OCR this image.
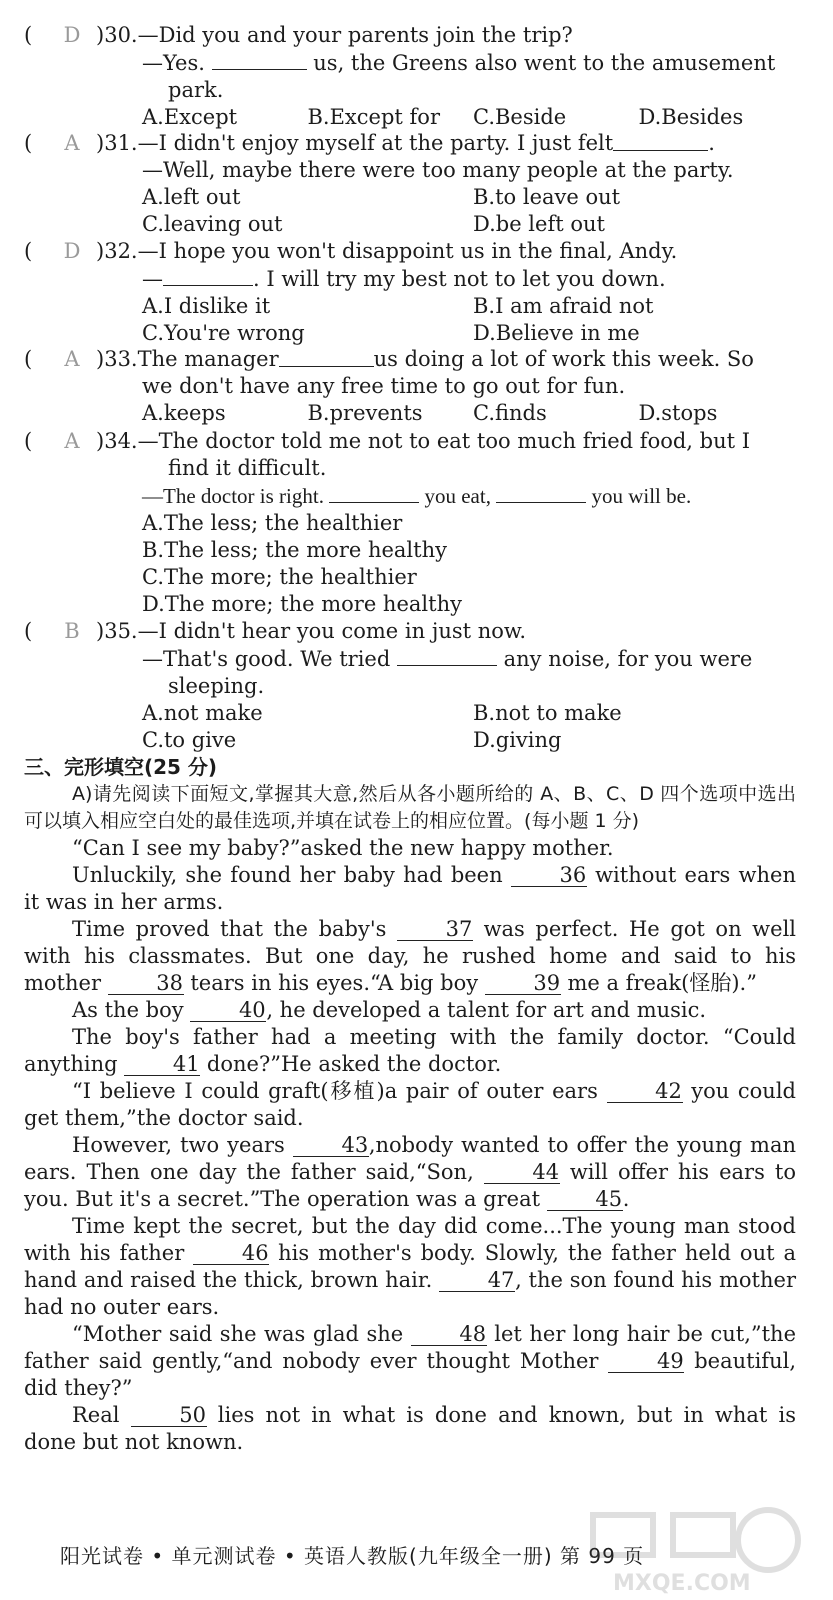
(	D ) 30. —Did you and your parents join the trip?
—Yes.	us, the Greens also went to the amusement
park.
A.Except	B.Except for	C.Beside	D.Besides
(	A ) 31. —I didn't enjoy myself at the party. I just felt	.
—Well, maybe there were too many people at the party.
A.left out	B.to leave out
C.leaving out	D.be left out
(	D ) 32. —I hope you won't disappoint us in the final, Andy.
—	. I will try my best not to let you down.
A.I dislike it	B.I am afraid not
C.You're wrong	D.Believe in me
(	A ) 33. The manager	us doing a lot of work this week. So
we don't have any free time to go out for fun.
A.keeps	B.prevents	C.finds	D.stops
(	A ) 34. —The doctor told me not to eat too much fried food, but I
find it difficult.
—The doctor is right.	you eat,	you will be.
A.The less; the healthier
B.The less; the more healthy
C.The more; the healthier
D.The more; the more healthy
(	B ) 35. —I didn't hear you come in just now.
—That's good. We tried	any noise, for you were
sleeping.
A.not make	B.not to make
C.to give	D.giving
三、完形填空(25 分)

A)请先阅读下面短文,掌握其大意,然后从各小题所给的 A、B、C、D 四个选项中选出可以填入相应空白处的最佳选项,并填在试卷上的相应位置。(每小题 1 分)

“Can I see my baby?”asked the new happy mother.

Unluckily, she found her baby had been 36 without ears when it was in her arms.

Time proved that the baby's 37 was perfect. He got on well with his classmates. But one day, he rushed home and said to his mother 38 tears in his eyes.“A big boy 39 me a freak(怪胎).”

As the boy 40, he developed a talent for art and music.

The boy's father had a meeting with the family doctor. “Could anything 41 done?”He asked the doctor.

“I believe I could graft(移植)a pair of outer ears 42 you could get them,”the doctor said.

However, two years 43,nobody wanted to offer the young man ears. Then one day the father said,“Son, 44 will offer his ears to you. But it's a secret.”The operation was a great 45.

Time kept the secret, but the day did come...The young man stood with his father 46 his mother's body. Slowly, the father held out a hand and raised the thick, brown hair. 47, the son found his mother had no outer ears.

“Mother said she was glad she 48 let her long hair be cut,”the father said gently,“and nobody ever thought Mother 49 beautiful, did they?”

Real 50 lies not in what is done and known, but in what is done but not known.

阳光试卷 • 单元测试卷 • 英语人教版(九年级全一册) 第 99 页
MXQE.COM
